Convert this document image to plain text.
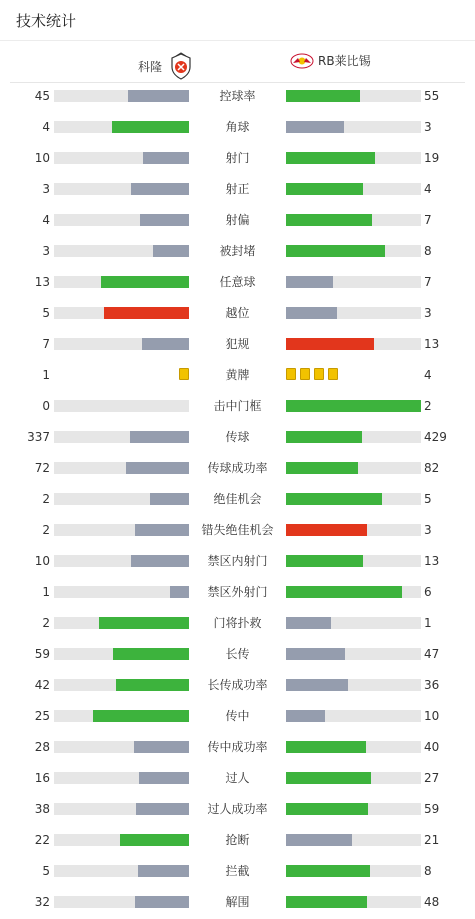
技术统计
科隆	RB莱比锡
45	控球率	55
4	角球	3
10	射门	19
3	射正	4
4	射偏	7
3	被封堵	8
13	任意球	7
5	越位	3
7	犯规	13
1	黄牌	4
0	击中门框	2
337	传球	429
72	传球成功率	82
2	绝佳机会	5
2	错失绝佳机会	3
10	禁区内射门	13
1	禁区外射门	6
2	门将扑救	1
59	长传	47
42	长传成功率	36
25	传中	10
28	传中成功率	40
16	过人	27
38	过人成功率	59
22	抢断	21
5	拦截	8
32	解围	48
